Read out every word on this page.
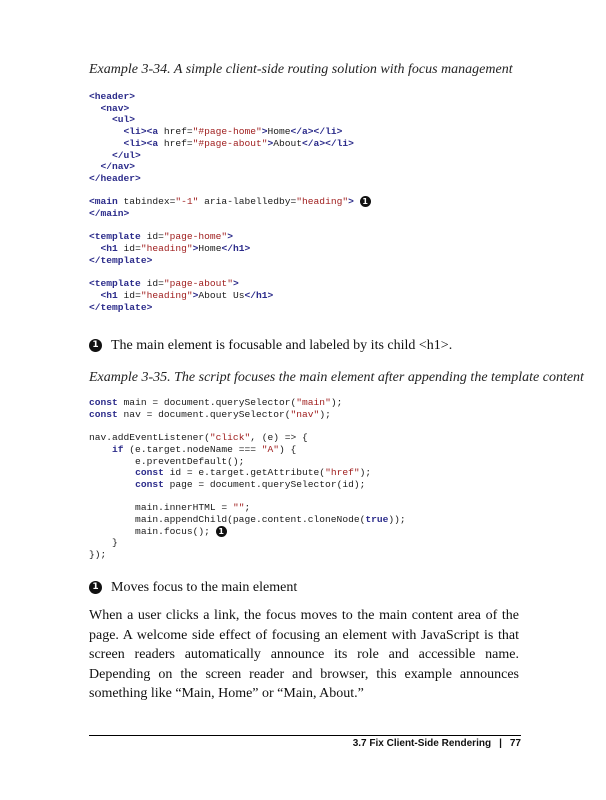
Example 3-34. A simple client-side routing solution with focus management
<header>
<nav>
<ul>
<li><a href="#page-home">Home</a></li>
<li><a href="#page-about">About</a></li>
</ul>
</nav>
</header>

<main tabindex="-1" aria-labelledby="heading"> 1
</main>

<template id="page-home">
<h1 id="heading">Home</h1>
</template>

<template id="page-about">
<h1 id="heading">About Us</h1>
</template>
1 The main element is focusable and labeled by its child <h1>.
Example 3-35. The script focuses the main element after appending the template content
const main = document.querySelector("main");
const nav = document.querySelector("nav");

nav.addEventListener("click", (e) => {
if (e.target.nodeName === "A") {
e.preventDefault();
const id = e.target.getAttribute("href");
const page = document.querySelector(id);

main.innerHTML = "";
main.appendChild(page.content.cloneNode(true));
main.focus(); 1
}
});
1 Moves focus to the main element
When a user clicks a link, the focus moves to the main content area of the page. A welcome side effect of focusing an element with JavaScript is that screen readers automatically announce its role and accessible name. Depending on the screen reader and browser, this example announces something like “Main, Home” or “Main, About.”
3.7 Fix Client-Side Rendering | 77
